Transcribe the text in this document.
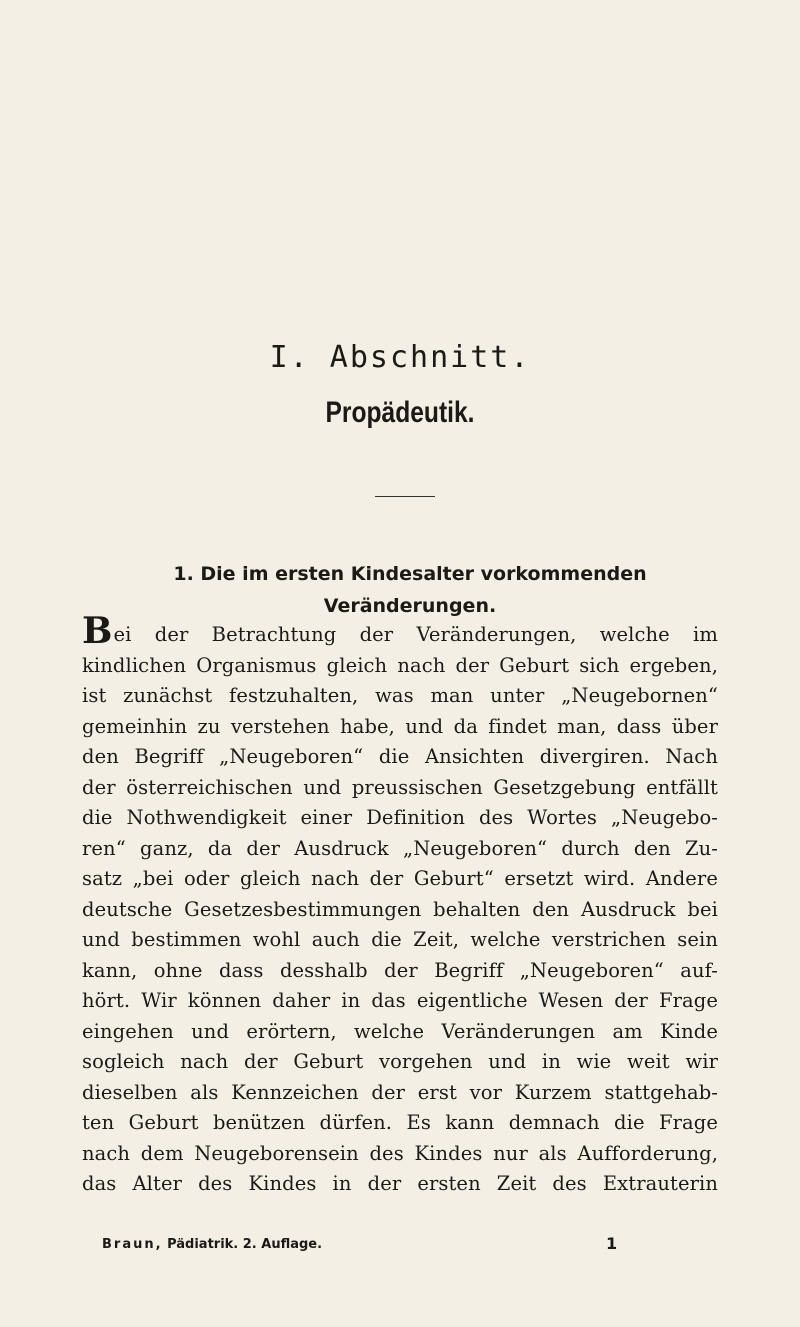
I. Abschnitt.
Propädeutik.
1. Die im ersten Kindesalter vorkommenden
Veränderungen.
Bei der Betrachtung der Veränderungen, welche im
kindlichen Organismus gleich nach der Geburt sich ergeben,
ist zunächst festzuhalten, was man unter „Neugebornen“
gemeinhin zu verstehen habe, und da findet man, dass über
den Begriff „Neugeboren“ die Ansichten divergiren. Nach
der österreichischen und preussischen Gesetzgebung entfällt
die Nothwendigkeit einer Definition des Wortes „Neugebo-
ren“ ganz, da der Ausdruck „Neugeboren“ durch den Zu-
satz „bei oder gleich nach der Geburt“ ersetzt wird. Andere
deutsche Gesetzesbestimmungen behalten den Ausdruck bei
und bestimmen wohl auch die Zeit, welche verstrichen sein
kann, ohne dass desshalb der Begriff „Neugeboren“ auf-
hört. Wir können daher in das eigentliche Wesen der Frage
eingehen und erörtern, welche Veränderungen am Kinde
sogleich nach der Geburt vorgehen und in wie weit wir
dieselben als Kennzeichen der erst vor Kurzem stattgehab-
ten Geburt benützen dürfen. Es kann demnach die Frage
nach dem Neugeborensein des Kindes nur als Aufforderung,
das Alter des Kindes in der ersten Zeit des Extrauterin
Braun, Pädiatrik. 2. Auflage.	1
